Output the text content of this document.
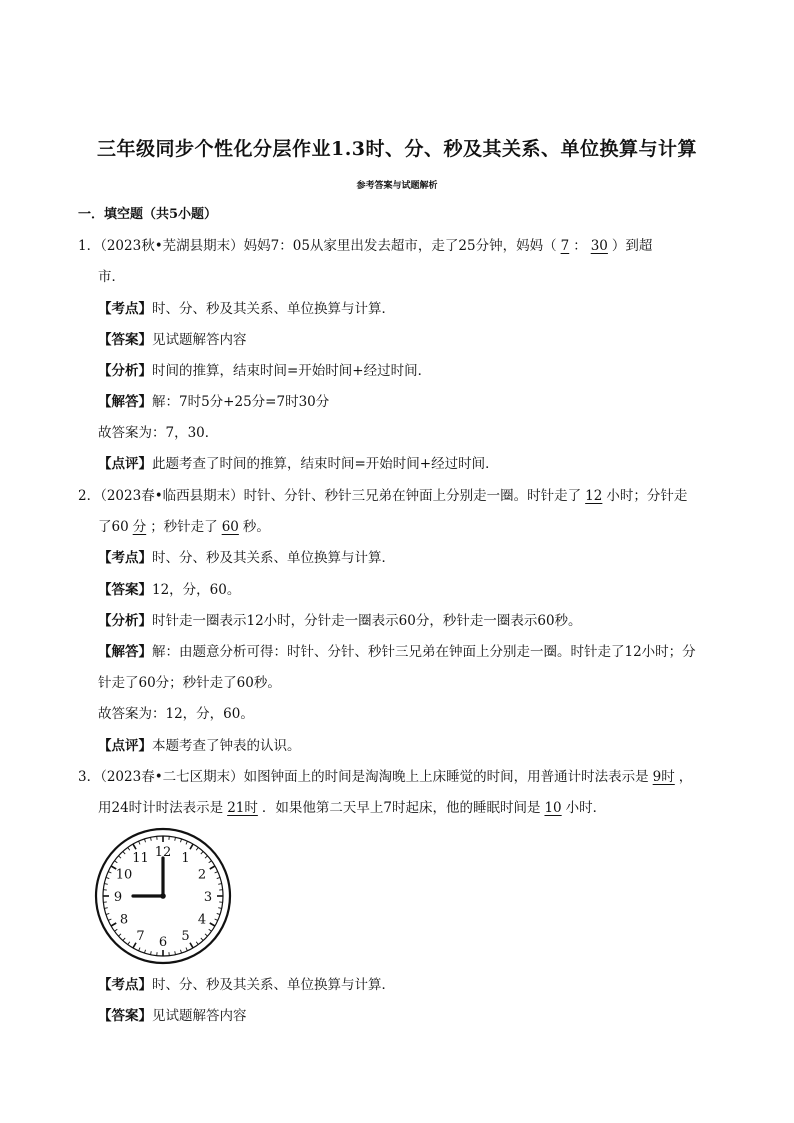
三年级同步个性化分层作业1.3时、分、秒及其关系、单位换算与计算
参考答案与试题解析
一．填空题（共5小题）
1．（2023秋•芜湖县期末）妈妈7：05从家里出发去超市，走了25分钟，妈妈（7：30）到超
市．
【考点】时、分、秒及其关系、单位换算与计算．
【答案】见试题解答内容
【分析】时间的推算，结束时间=开始时间+经过时间．
【解答】解：7时5分+25分=7时30分
故答案为：7，30．
【点评】此题考查了时间的推算，结束时间=开始时间+经过时间．
2．（2023春•临西县期末）时针、分针、秒针三兄弟在钟面上分别走一圈。时针走了12小时；分针走
了60分；秒针走了60秒。
【考点】时、分、秒及其关系、单位换算与计算．
【答案】12，分，60。
【分析】时针走一圈表示12小时，分针走一圈表示60分，秒针走一圈表示60秒。
【解答】解：由题意分析可得：时针、分针、秒针三兄弟在钟面上分别走一圈。时针走了12小时；分
针走了60分；秒针走了60秒。
故答案为：12，分，60。
【点评】本题考查了钟表的认识。
3．（2023春•二七区期末）如图钟面上的时间是淘淘晚上上床睡觉的时间，用普通计时法表示是9时，
用24时计时法表示是21时．如果他第二天早上7时起床，他的睡眠时间是10小时．
12 1
2
3
4
5
6
7
8
9
10
11
【考点】时、分、秒及其关系、单位换算与计算．
【答案】见试题解答内容
